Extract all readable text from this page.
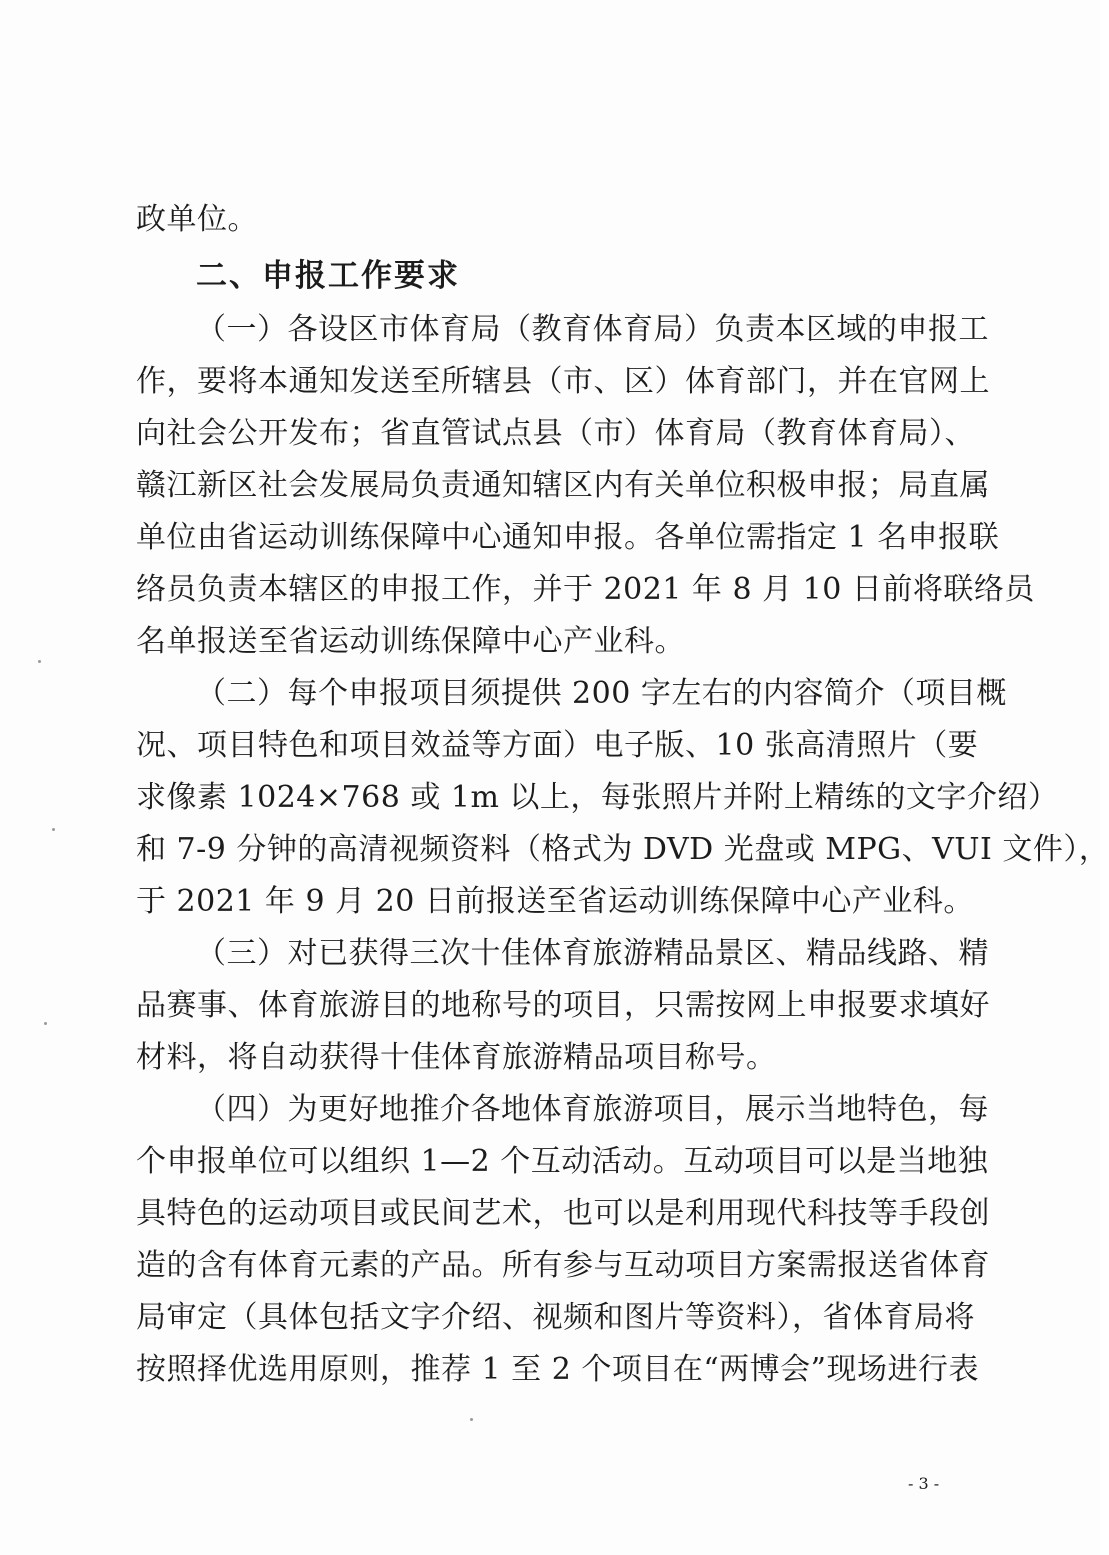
政单位。
二、申报工作要求
（一）各设区市体育局（教育体育局）负责本区域的申报工
作，要将本通知发送至所辖县（市、区）体育部门，并在官网上
向社会公开发布；省直管试点县（市）体育局（教育体育局）、
赣江新区社会发展局负责通知辖区内有关单位积极申报；局直属
单位由省运动训练保障中心通知申报。各单位需指定 1 名申报联
络员负责本辖区的申报工作，并于 2021 年 8 月 10 日前将联络员
名单报送至省运动训练保障中心产业科。
（二）每个申报项目须提供 200 字左右的内容简介（项目概
况、项目特色和项目效益等方面）电子版、10 张高清照片（要
求像素 1024×768 或 1m 以上，每张照片并附上精练的文字介绍）
和 7-9 分钟的高清视频资料（格式为 DVD 光盘或 MPG、VUI 文件），
于 2021 年 9 月 20 日前报送至省运动训练保障中心产业科。
（三）对已获得三次十佳体育旅游精品景区、精品线路、精
品赛事、体育旅游目的地称号的项目，只需按网上申报要求填好
材料，将自动获得十佳体育旅游精品项目称号。
（四）为更好地推介各地体育旅游项目，展示当地特色，每
个申报单位可以组织 1—2 个互动活动。互动项目可以是当地独
具特色的运动项目或民间艺术，也可以是利用现代科技等手段创
造的含有体育元素的产品。所有参与互动项目方案需报送省体育
局审定（具体包括文字介绍、视频和图片等资料），省体育局将
按照择优选用原则，推荐 1 至 2 个项目在“两博会”现场进行表
- 3 -
